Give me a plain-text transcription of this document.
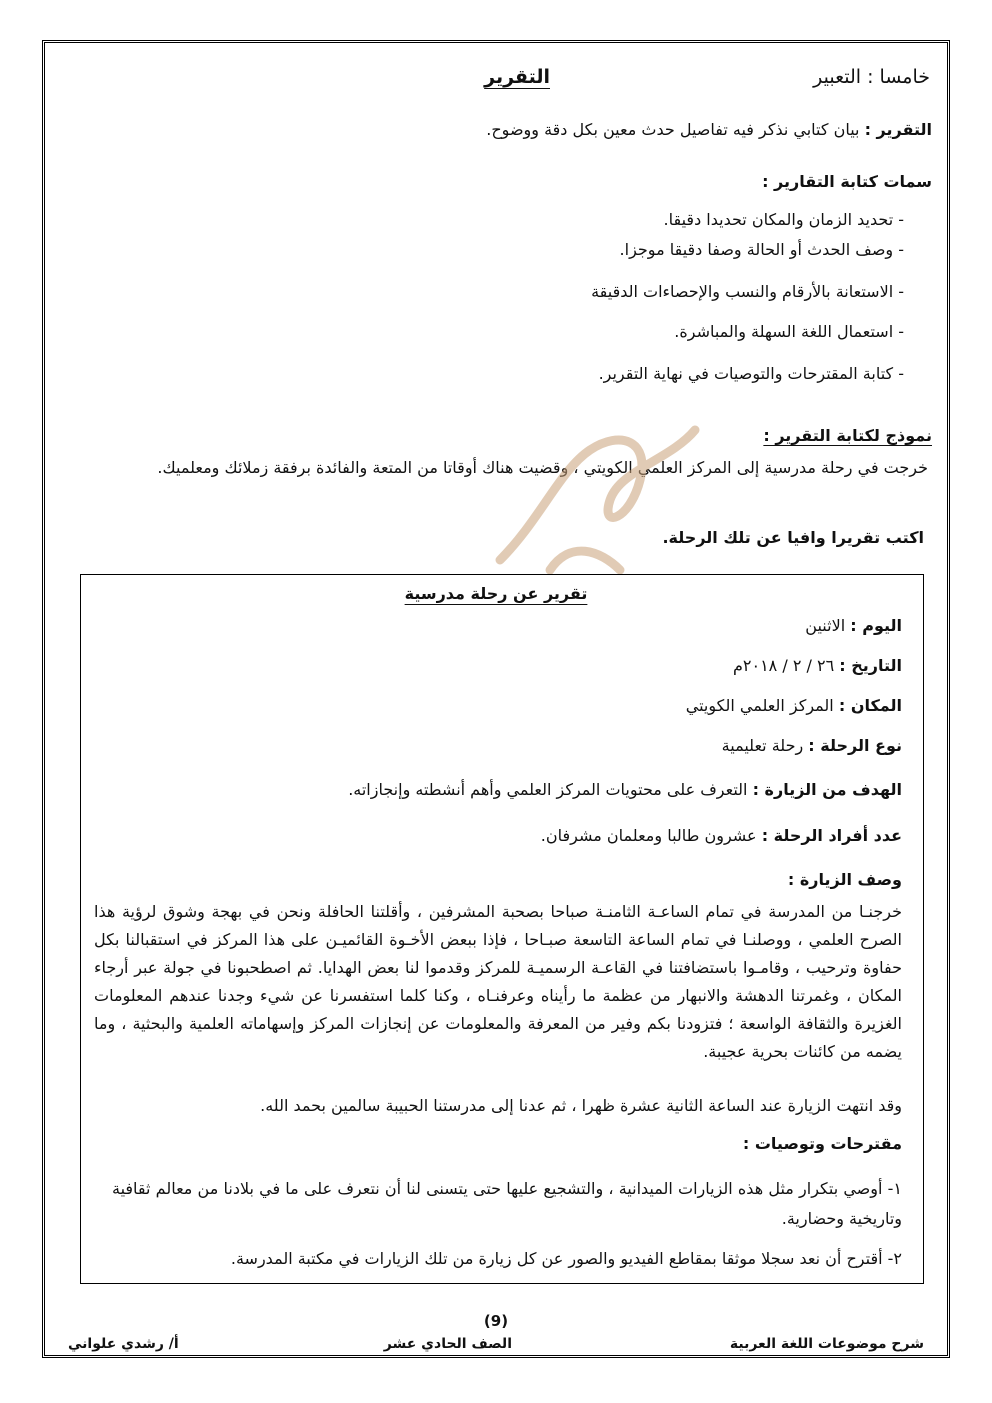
خامسا : التعبير
التقرير
التقرير : بيان كتابي نذكر فيه تفاصيل حدث معين بكل دقة ووضوح.
سمات كتابة التقارير :
- تحديد الزمان والمكان تحديدا دقيقا.
- وصف الحدث أو الحالة وصفا دقيقا موجزا.
- الاستعانة بالأرقام والنسب والإحصاءات الدقيقة
- استعمال اللغة السهلة والمباشرة.
- كتابة المقترحات والتوصيات في نهاية التقرير.
نموذج لكتابة التقرير :
خرجت في رحلة مدرسية إلى المركز العلمي الكويتي ، وقضيت هناك أوقاتا من المتعة والفائدة برفقة زملائك ومعلميك.
اكتب تقريرا وافيا عن تلك الرحلة.
تقرير عن رحلة مدرسية
اليوم : الاثنين
التاريخ : ٢٦ / ٢ / ٢٠١٨م
المكان : المركز العلمي الكويتي
نوع الرحلة : رحلة تعليمية
الهدف من الزيارة : التعرف على محتويات المركز العلمي وأهم أنشطته وإنجازاته.
عدد أفراد الرحلة : عشرون طالبا ومعلمان مشرفان.
وصف الزيارة :
خرجنـا من المدرسة في تمام الساعـة الثامنـة صباحا بصحبة المشرفين ، وأقلتنا الحافلة ونحن في بهجة وشوق لرؤية هذا الصرح العلمي ، ووصلنـا في تمام الساعة التاسعة صبـاحا ، فإذا ببعض الأخـوة القائميـن على هذا المركز في استقبالنا بكل حفاوة وترحيب ، وقامـوا باستضافتنا في القاعـة الرسميـة للمركز وقدموا لنا بعض الهدايا. ثم اصطحبونا في جولة عبر أرجاء المكان ، وغمرتنا الدهشة والانبهار من عظمة ما رأيناه وعرفنـاه ، وكنا كلما استفسرنا عن شيء وجدنا عندهم المعلومات الغزيرة والثقافة الواسعة ؛ فتزودنا بكم وفير من المعرفة والمعلومات عن إنجازات المركز وإسهاماته العلمية والبحثية ، وما يضمه من كائنات بحرية عجيبة.
وقد انتهت الزيارة عند الساعة الثانية عشرة ظهرا ، ثم عدنا إلى مدرستنا الحبيبة سالمين بحمد الله.
مقترحات وتوصيات :
١- أوصي بتكرار مثل هذه الزيارات الميدانية ، والتشجيع عليها حتى يتسنى لنا أن نتعرف على ما في بلادنا من معالم ثقافية وتاريخية وحضارية.
٢- أقترح أن نعد سجلا موثقا بمقاطع الفيديو والصور عن كل زيارة من تلك الزيارات في مكتبة المدرسة.
(9)
شرح موضوعات اللغة العربية
الصف الحادي عشر
أ/ رشدي علواني
